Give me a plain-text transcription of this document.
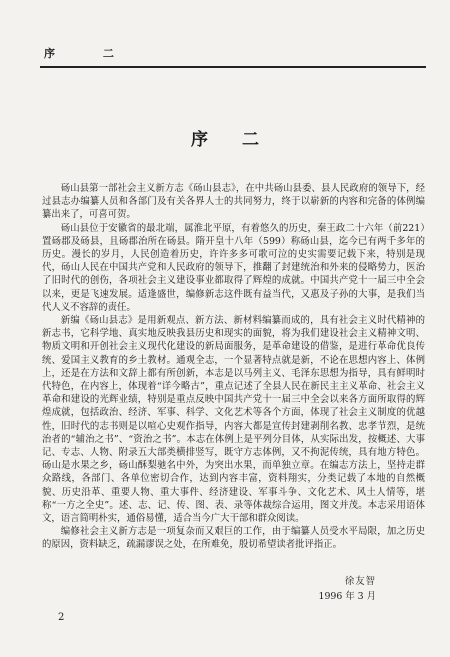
序 二
序 二

砀山县第一部社会主义新方志《砀山县志》，在中共砀山县委、县人民政府的领导下，经过县志办编纂人员和各部门及有关各界人士的共同努力，终于以崭新的内容和完备的体例编纂出来了，可喜可贺。

砀山县位于安徽省的最北端，属淮北平原，有着悠久的历史，秦王政二十六年（前221）置砀郡及砀县，且砀郡治所在砀县。隋开皇十八年（599）称砀山县，迄今已有两千多年的历史。漫长的岁月，人民创造着历史，许许多多可歌可泣的史实需要记载下来，特别是现代，砀山人民在中国共产党和人民政府的领导下，推翻了封建统治和外来的侵略势力，医治了旧时代的创伤，各项社会主义建设事业都取得了辉煌的成就。中国共产党十一届三中全会以来，更是飞速发展。适逢盛世，编修新志这件既有益当代，又惠及子孙的大事，是我们当代人义不容辞的责任。

新编《砀山县志》是用新观点、新方法、新材料编纂而成的，具有社会主义时代精神的新志书，它科学地、真实地反映我县历史和现实的面貌，将为我们建设社会主义精神文明、物质文明和开创社会主义现代化建设的新局面服务，是革命建设的借鉴，是进行革命优良传统、爱国主义教育的乡土教材。通观全志，一个显著特点就是新，不论在思想内容上、体例上，还是在方法和文辞上都有所创新，本志是以马列主义、毛泽东思想为指导，具有鲜明时代特色，在内容上，体现着“详今略古”，重点记述了全县人民在新民主主义革命、社会主义革命和建设的光辉业绩，特别是重点反映中国共产党十一届三中全会以来各方面所取得的辉煌成就，包括政治、经济、军事、科学、文化艺术等各个方面，体现了社会主义制度的优越性，旧时代的志书则是以喧心史观作指导，内容大都是宣传封建剥削名教、忠孝节烈，是统治者的“辅治之书”、“资治之书”。本志在体例上是平列分目体，从实际出发，按概述、大事记、专志、人物、附录五大部类横排竖写，既守方志体例，又不拘泥传统，具有地方特色。砀山是水果之乡，砀山酥梨驰名中外，为突出水果，而单独立章。在编志方法上，坚持走群众路线，各部门、各单位密切合作，达到内容丰富，资料翔实，分类记载了本地的自然概貌、历史沿革、重要人物、重大事件、经济建设、军事斗争、文化艺术、风土人情等，堪称“一方之全史”。述、志、记、传、图、表、录等体裁综合运用，图文并茂。本志采用语体文，语言简明朴实，通俗易懂，适合当今广大干部和群众阅读。

编修社会主义新方志是一项复杂而又艰巨的工作，由于编纂人员受水平局限，加之历史的原因，资料缺乏，疏漏谬误之处，在所难免，殷切希望读者批评指正。

徐友智
1996 年 3 月
2
